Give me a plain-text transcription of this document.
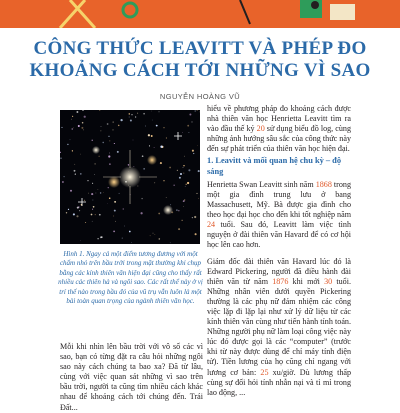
CÔNG THỨC LEAVITT VÀ PHÉP ĐO
KHOẢNG CÁCH TỚI NHỮNG VÌ SAO
NGUYỄN HOÀNG VŨ
Hình 1. Ngay cả một điểm tương đương với một chấm nhỏ trên bầu trời trong mặt thường khi chụp bằng các kính thiên văn hiện đại cũng cho thấy rất nhiều các thiên hà và ngôi sao. Các rất thể này ở vị trí thế nào trong bầu đó của vũ trụ vẫn luôn là một bài toàn quan trọng của ngành thiên văn học.

Mỗi khi nhìn lên bầu trời với vô số các vì sao, bạn có từng đặt ra câu hỏi những ngôi sao này cách chúng ta bao xa? Đã từ lâu, cùng với việc quan sát những vì sao trên bầu trời, người ta cũng tìm nhiều cách khác nhau để khoảng cách tới chúng đến. Trái Đất...

hiểu về phương pháp đo khoảng cách được nhà thiên văn học Henrietta Leavitt tìm ra vào đầu thế kỷ 20 sử dụng biểu đồ log, cùng những ảnh hưởng sâu sắc của công thức này đến sự phát triển của thiên văn học hiện đại.

1. Leavitt và mối quan hệ chu kỳ – độ sáng

Henrietta Swan Leavitt sinh năm 1868 trong một gia đình trung lưu ở bang Massachusett, Mỹ. Bà được gia đình cho theo học đại học cho đến khi tốt nghiệp năm 24 tuổi. Sau đó, Leavitt làm việc tình nguyện ở đài thiên văn Havard để có cơ hội học lên cao hơn.

Giám đốc đài thiên văn Havard lúc đó là Edward Pickering, người đã điều hành đài thiên văn từ năm 1876 khi mới 30 tuổi. Những nhân viên dưới quyền Pickering thường là các phụ nữ đảm nhiệm các công việc lặp đi lặp lại như xử lý dữ liệu từ các kính thiên văn cùng như tiến hành tính toán. Những người phụ nữ làm loại công việc này lúc đó được gọi là các “computer” (trước khi từ này được dùng để chỉ máy tính điện tử). Tiền lương của họ cũng chỉ ngang với lương cơ bản: 25 xu/giờ. Dù lương thấp cùng sự đối hỏi tính nhẫn nại và tỉ mỉ trong lao động, ...
